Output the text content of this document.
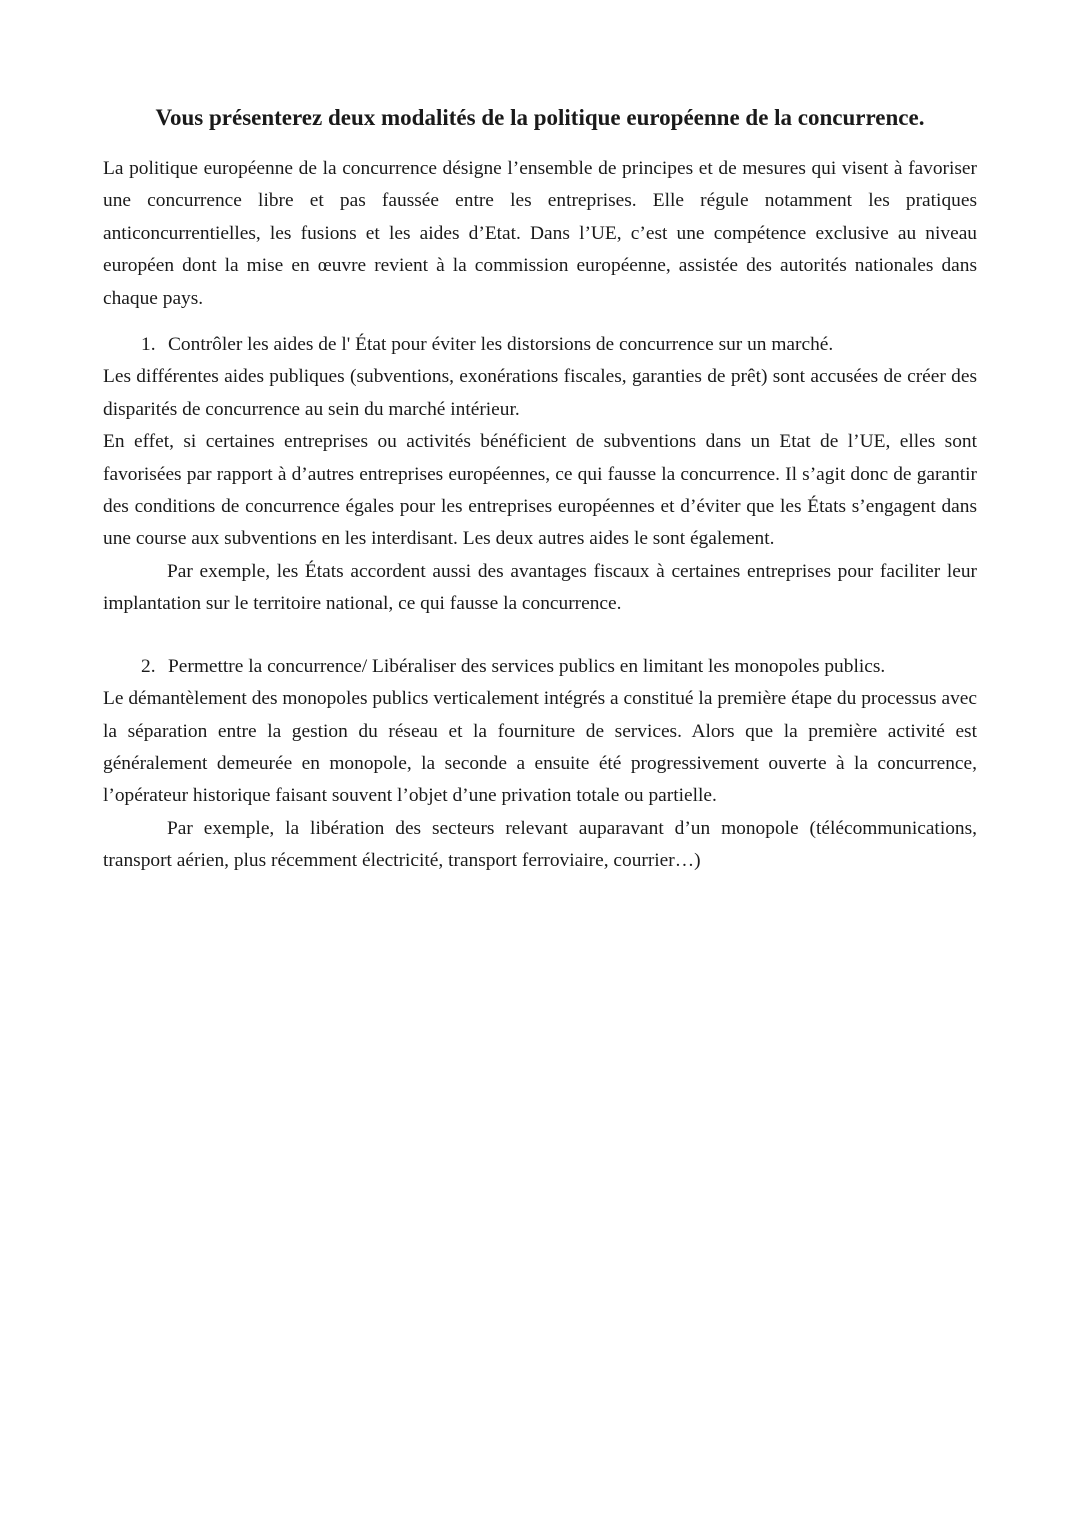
Vous présenterez deux modalités de la politique européenne de la concurrence.

La politique européenne de la concurrence désigne l’ensemble de principes et de mesures qui visent à favoriser une concurrence libre et pas faussée entre les entreprises. Elle régule notamment les pratiques anticoncurrentielles, les fusions et les aides d’Etat. Dans l’UE, c’est une compétence exclusive au niveau européen dont la mise en œuvre revient à la commission européenne, assistée des autorités nationales dans chaque pays.

1. Contrôler les aides de l' État pour éviter les distorsions de concurrence sur un marché.

Les différentes aides publiques (subventions, exonérations fiscales, garanties de prêt) sont accusées de créer des disparités de concurrence au sein du marché intérieur.

En effet, si certaines entreprises ou activités bénéficient de subventions dans un Etat de l’UE, elles sont favorisées par rapport à d’autres entreprises européennes, ce qui fausse la concurrence. Il s’agit donc de garantir des conditions de concurrence égales pour les entreprises européennes et d’éviter que les États s’engagent dans une course aux subventions en les interdisant. Les deux autres aides le sont également.

Par exemple, les États accordent aussi des avantages fiscaux à certaines entreprises pour faciliter leur implantation sur le territoire national, ce qui fausse la concurrence.

2. Permettre la concurrence/ Libéraliser des services publics en limitant les monopoles publics.

Le démantèlement des monopoles publics verticalement intégrés a constitué la première étape du processus avec la séparation entre la gestion du réseau et la fourniture de services. Alors que la première activité est généralement demeurée en monopole, la seconde a ensuite été progressivement ouverte à la concurrence, l’opérateur historique faisant souvent l’objet d’une privation totale ou partielle.

Par exemple, la libération des secteurs relevant auparavant d’un monopole (télécommunications, transport aérien, plus récemment électricité, transport ferroviaire, courrier…)
